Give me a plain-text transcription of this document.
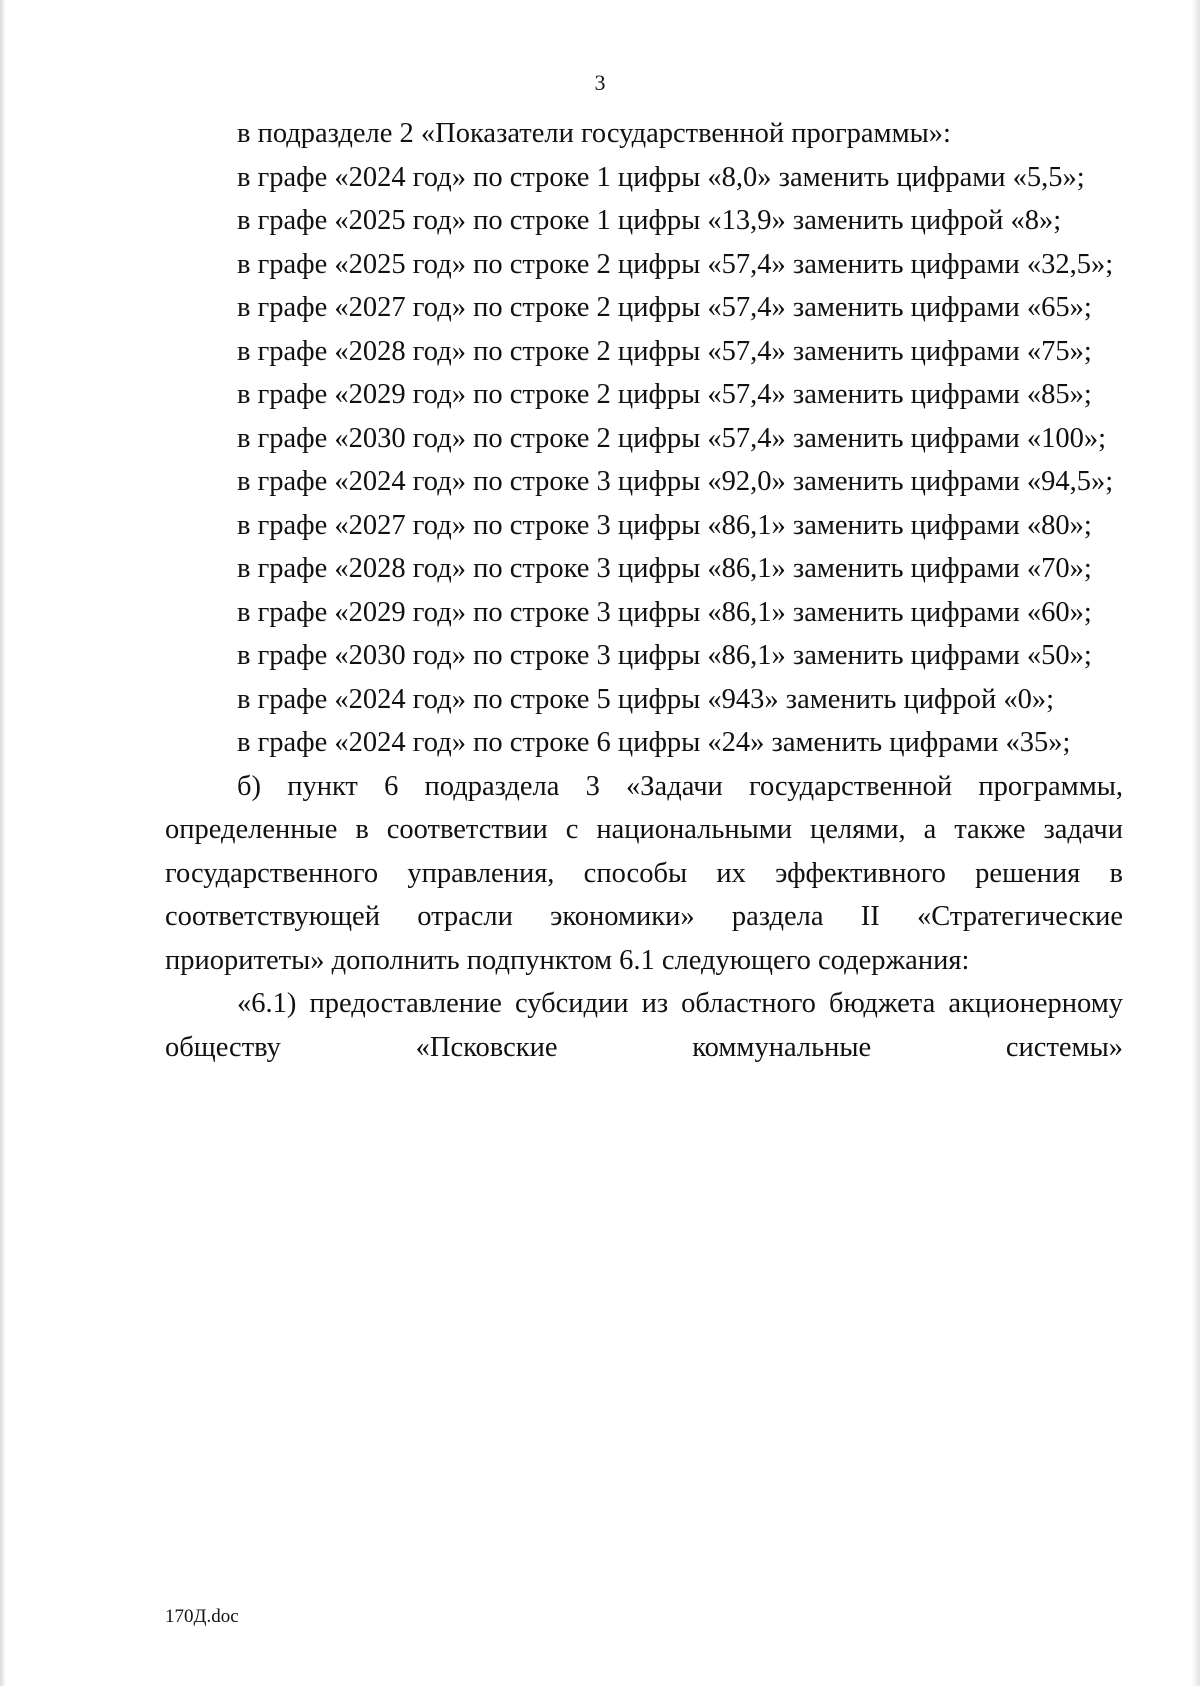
3

в подразделе 2 «Показатели государственной программы»:

в графе «2024 год» по строке 1 цифры «8,0» заменить цифрами «5,5»;

в графе «2025 год» по строке 1 цифры «13,9» заменить цифрой «8»;

в графе «2025 год» по строке 2 цифры «57,4» заменить цифрами «32,5»;

в графе «2027 год» по строке 2 цифры «57,4» заменить цифрами «65»;

в графе «2028 год» по строке 2 цифры «57,4» заменить цифрами «75»;

в графе «2029 год» по строке 2 цифры «57,4» заменить цифрами «85»;

в графе «2030 год» по строке 2 цифры «57,4» заменить цифрами «100»;

в графе «2024 год» по строке 3 цифры «92,0» заменить цифрами «94,5»;

в графе «2027 год» по строке 3 цифры «86,1» заменить цифрами «80»;

в графе «2028 год» по строке 3 цифры «86,1» заменить цифрами «70»;

в графе «2029 год» по строке 3 цифры «86,1» заменить цифрами «60»;

в графе «2030 год» по строке 3 цифры «86,1» заменить цифрами «50»;

в графе «2024 год» по строке 5 цифры «943» заменить цифрой «0»;

в графе «2024 год» по строке 6 цифры «24» заменить цифрами «35»;

б) пункт 6 подраздела 3 «Задачи государственной программы, определенные в соответствии с национальными целями, а также задачи государственного управления, способы их эффективного решения в соответствующей отрасли экономики» раздела II «Стратегические приоритеты» дополнить подпунктом 6.1 следующего содержания:

«6.1) предоставление субсидии из областного бюджета акционерному обществу «Псковские коммунальные системы»

170Д.doc
